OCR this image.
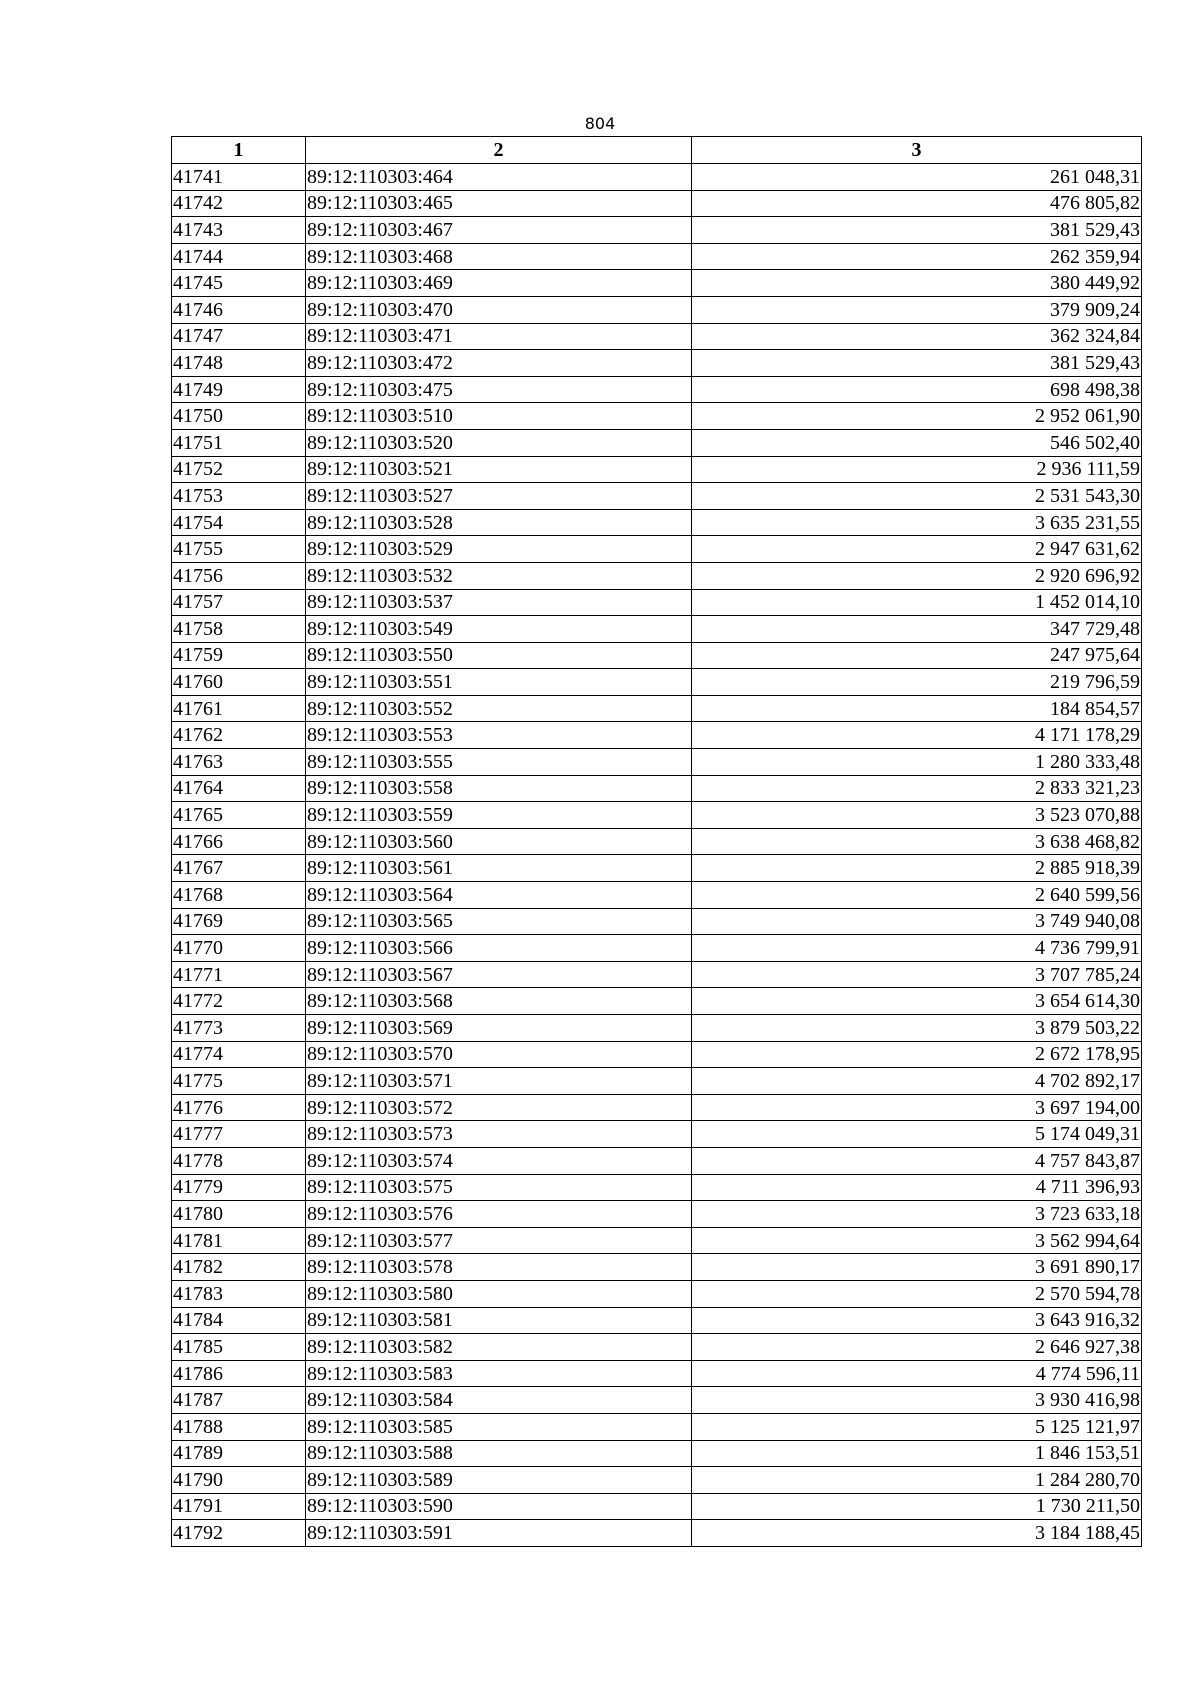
804
1	2	3
41741	89:12:110303:464	261 048,31
41742	89:12:110303:465	476 805,82
41743	89:12:110303:467	381 529,43
41744	89:12:110303:468	262 359,94
41745	89:12:110303:469	380 449,92
41746	89:12:110303:470	379 909,24
41747	89:12:110303:471	362 324,84
41748	89:12:110303:472	381 529,43
41749	89:12:110303:475	698 498,38
41750	89:12:110303:510	2 952 061,90
41751	89:12:110303:520	546 502,40
41752	89:12:110303:521	2 936 111,59
41753	89:12:110303:527	2 531 543,30
41754	89:12:110303:528	3 635 231,55
41755	89:12:110303:529	2 947 631,62
41756	89:12:110303:532	2 920 696,92
41757	89:12:110303:537	1 452 014,10
41758	89:12:110303:549	347 729,48
41759	89:12:110303:550	247 975,64
41760	89:12:110303:551	219 796,59
41761	89:12:110303:552	184 854,57
41762	89:12:110303:553	4 171 178,29
41763	89:12:110303:555	1 280 333,48
41764	89:12:110303:558	2 833 321,23
41765	89:12:110303:559	3 523 070,88
41766	89:12:110303:560	3 638 468,82
41767	89:12:110303:561	2 885 918,39
41768	89:12:110303:564	2 640 599,56
41769	89:12:110303:565	3 749 940,08
41770	89:12:110303:566	4 736 799,91
41771	89:12:110303:567	3 707 785,24
41772	89:12:110303:568	3 654 614,30
41773	89:12:110303:569	3 879 503,22
41774	89:12:110303:570	2 672 178,95
41775	89:12:110303:571	4 702 892,17
41776	89:12:110303:572	3 697 194,00
41777	89:12:110303:573	5 174 049,31
41778	89:12:110303:574	4 757 843,87
41779	89:12:110303:575	4 711 396,93
41780	89:12:110303:576	3 723 633,18
41781	89:12:110303:577	3 562 994,64
41782	89:12:110303:578	3 691 890,17
41783	89:12:110303:580	2 570 594,78
41784	89:12:110303:581	3 643 916,32
41785	89:12:110303:582	2 646 927,38
41786	89:12:110303:583	4 774 596,11
41787	89:12:110303:584	3 930 416,98
41788	89:12:110303:585	5 125 121,97
41789	89:12:110303:588	1 846 153,51
41790	89:12:110303:589	1 284 280,70
41791	89:12:110303:590	1 730 211,50
41792	89:12:110303:591	3 184 188,45
